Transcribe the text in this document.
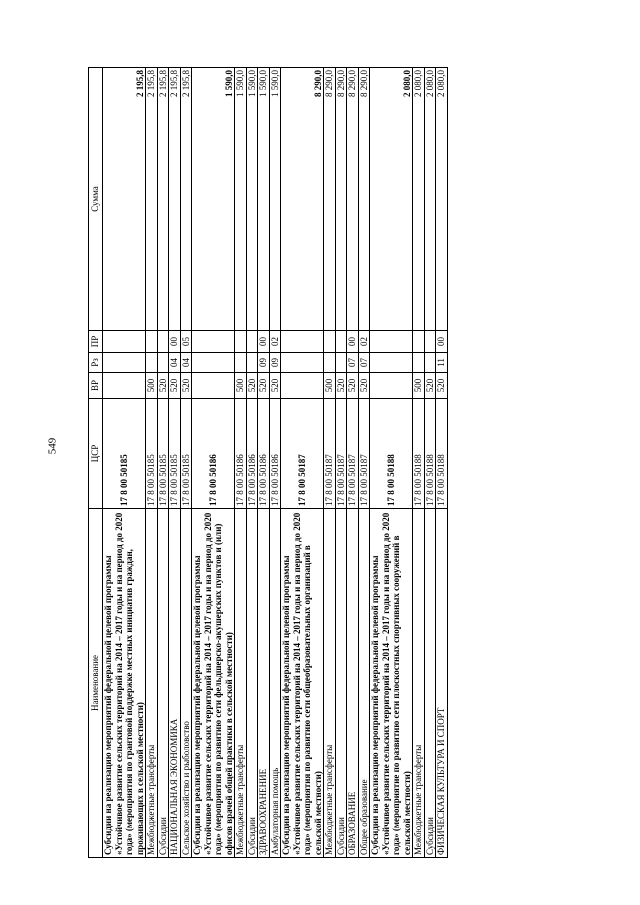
549
Наименование	ЦСР	ВР	Рз	ПР	Сумма
Субсидии на реализацию мероприятий федеральной целевой программы «Устойчивое развитие сельских территорий на 2014 – 2017 годы и на период до 2020 года» (мероприятия по грантовой поддержке местных инициатив граждан, проживающих в сельской местности)	17 8 00 50185				2 195,8
Межбюджетные трансферты	17 8 00 50185	500			2 195,8
Субсидии	17 8 00 50185	520			2 195,8
НАЦИОНАЛЬНАЯ ЭКОНОМИКА	17 8 00 50185	520	04	00	2 195,8
Сельское хозяйство и рыболовство	17 8 00 50185	520	04	05	2 195,8
Субсидии на реализацию мероприятий федеральной целевой программы «Устойчивое развитие сельских территорий на 2014 – 2017 годы и на период до 2020 года» (мероприятия по развитию сети фельдшерско-акушерских пунктов и (или) офисов врачей общей практики в сельской местности)	17 8 00 50186				1 590,0
Межбюджетные трансферты	17 8 00 50186	500			1 590,0
Субсидии	17 8 00 50186	520			1 590,0
ЗДРАВООХРАНЕНИЕ	17 8 00 50186	520	09	00	1 590,0
Амбулаторная помощь	17 8 00 50186	520	09	02	1 590,0
Субсидии на реализацию мероприятий федеральной целевой программы «Устойчивое развитие сельских территорий на 2014 – 2017 годы и на период до 2020 года» (мероприятия по развитию сети общеобразовательных организаций в сельской местности)	17 8 00 50187				8 290,0
Межбюджетные трансферты	17 8 00 50187	500			8 290,0
Субсидии	17 8 00 50187	520			8 290,0
ОБРАЗОВАНИЕ	17 8 00 50187	520	07	00	8 290,0
Общее образование	17 8 00 50187	520	07	02	8 290,0
Субсидии на реализацию мероприятий федеральной целевой программы «Устойчивое развитие сельских территорий на 2014 – 2017 годы и на период до 2020 года» (мероприятие по развитию сети плоскостных спортивных сооружений в сельской местности)	17 8 00 50188				2 080,0
Межбюджетные трансферты	17 8 00 50188	500			2 080,0
Субсидии	17 8 00 50188	520			2 080,0
ФИЗИЧЕСКАЯ КУЛЬТУРА И СПОРТ	17 8 00 50188	520	11	00	2 080,0
